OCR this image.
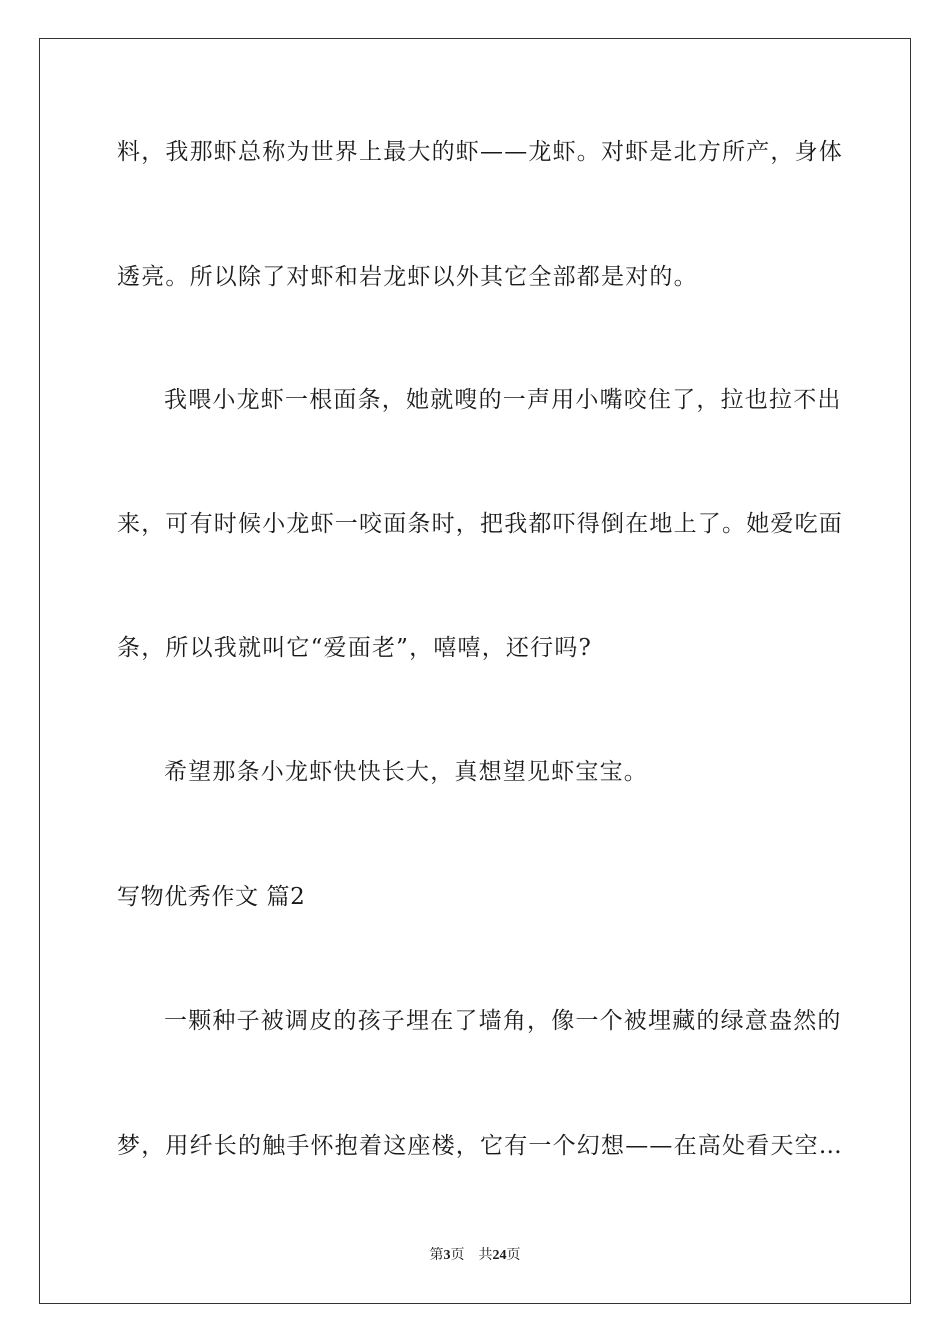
料，我那虾总称为世界上最大的虾——龙虾。对虾是北方所产，身体
透亮。所以除了对虾和岩龙虾以外其它全部都是对的。
我喂小龙虾一根面条，她就嗖的一声用小嘴咬住了，拉也拉不出
来，可有时候小龙虾一咬面条时，把我都吓得倒在地上了。她爱吃面
条，所以我就叫它“爱面老”，嘻嘻，还行吗?
希望那条小龙虾快快长大，真想望见虾宝宝。
写物优秀作文 篇2
一颗种子被调皮的孩子埋在了墙角，像一个被埋藏的绿意盎然的
梦，用纤长的触手怀抱着这座楼，它有一个幻想——在高处看天空…
第3页 共24页
